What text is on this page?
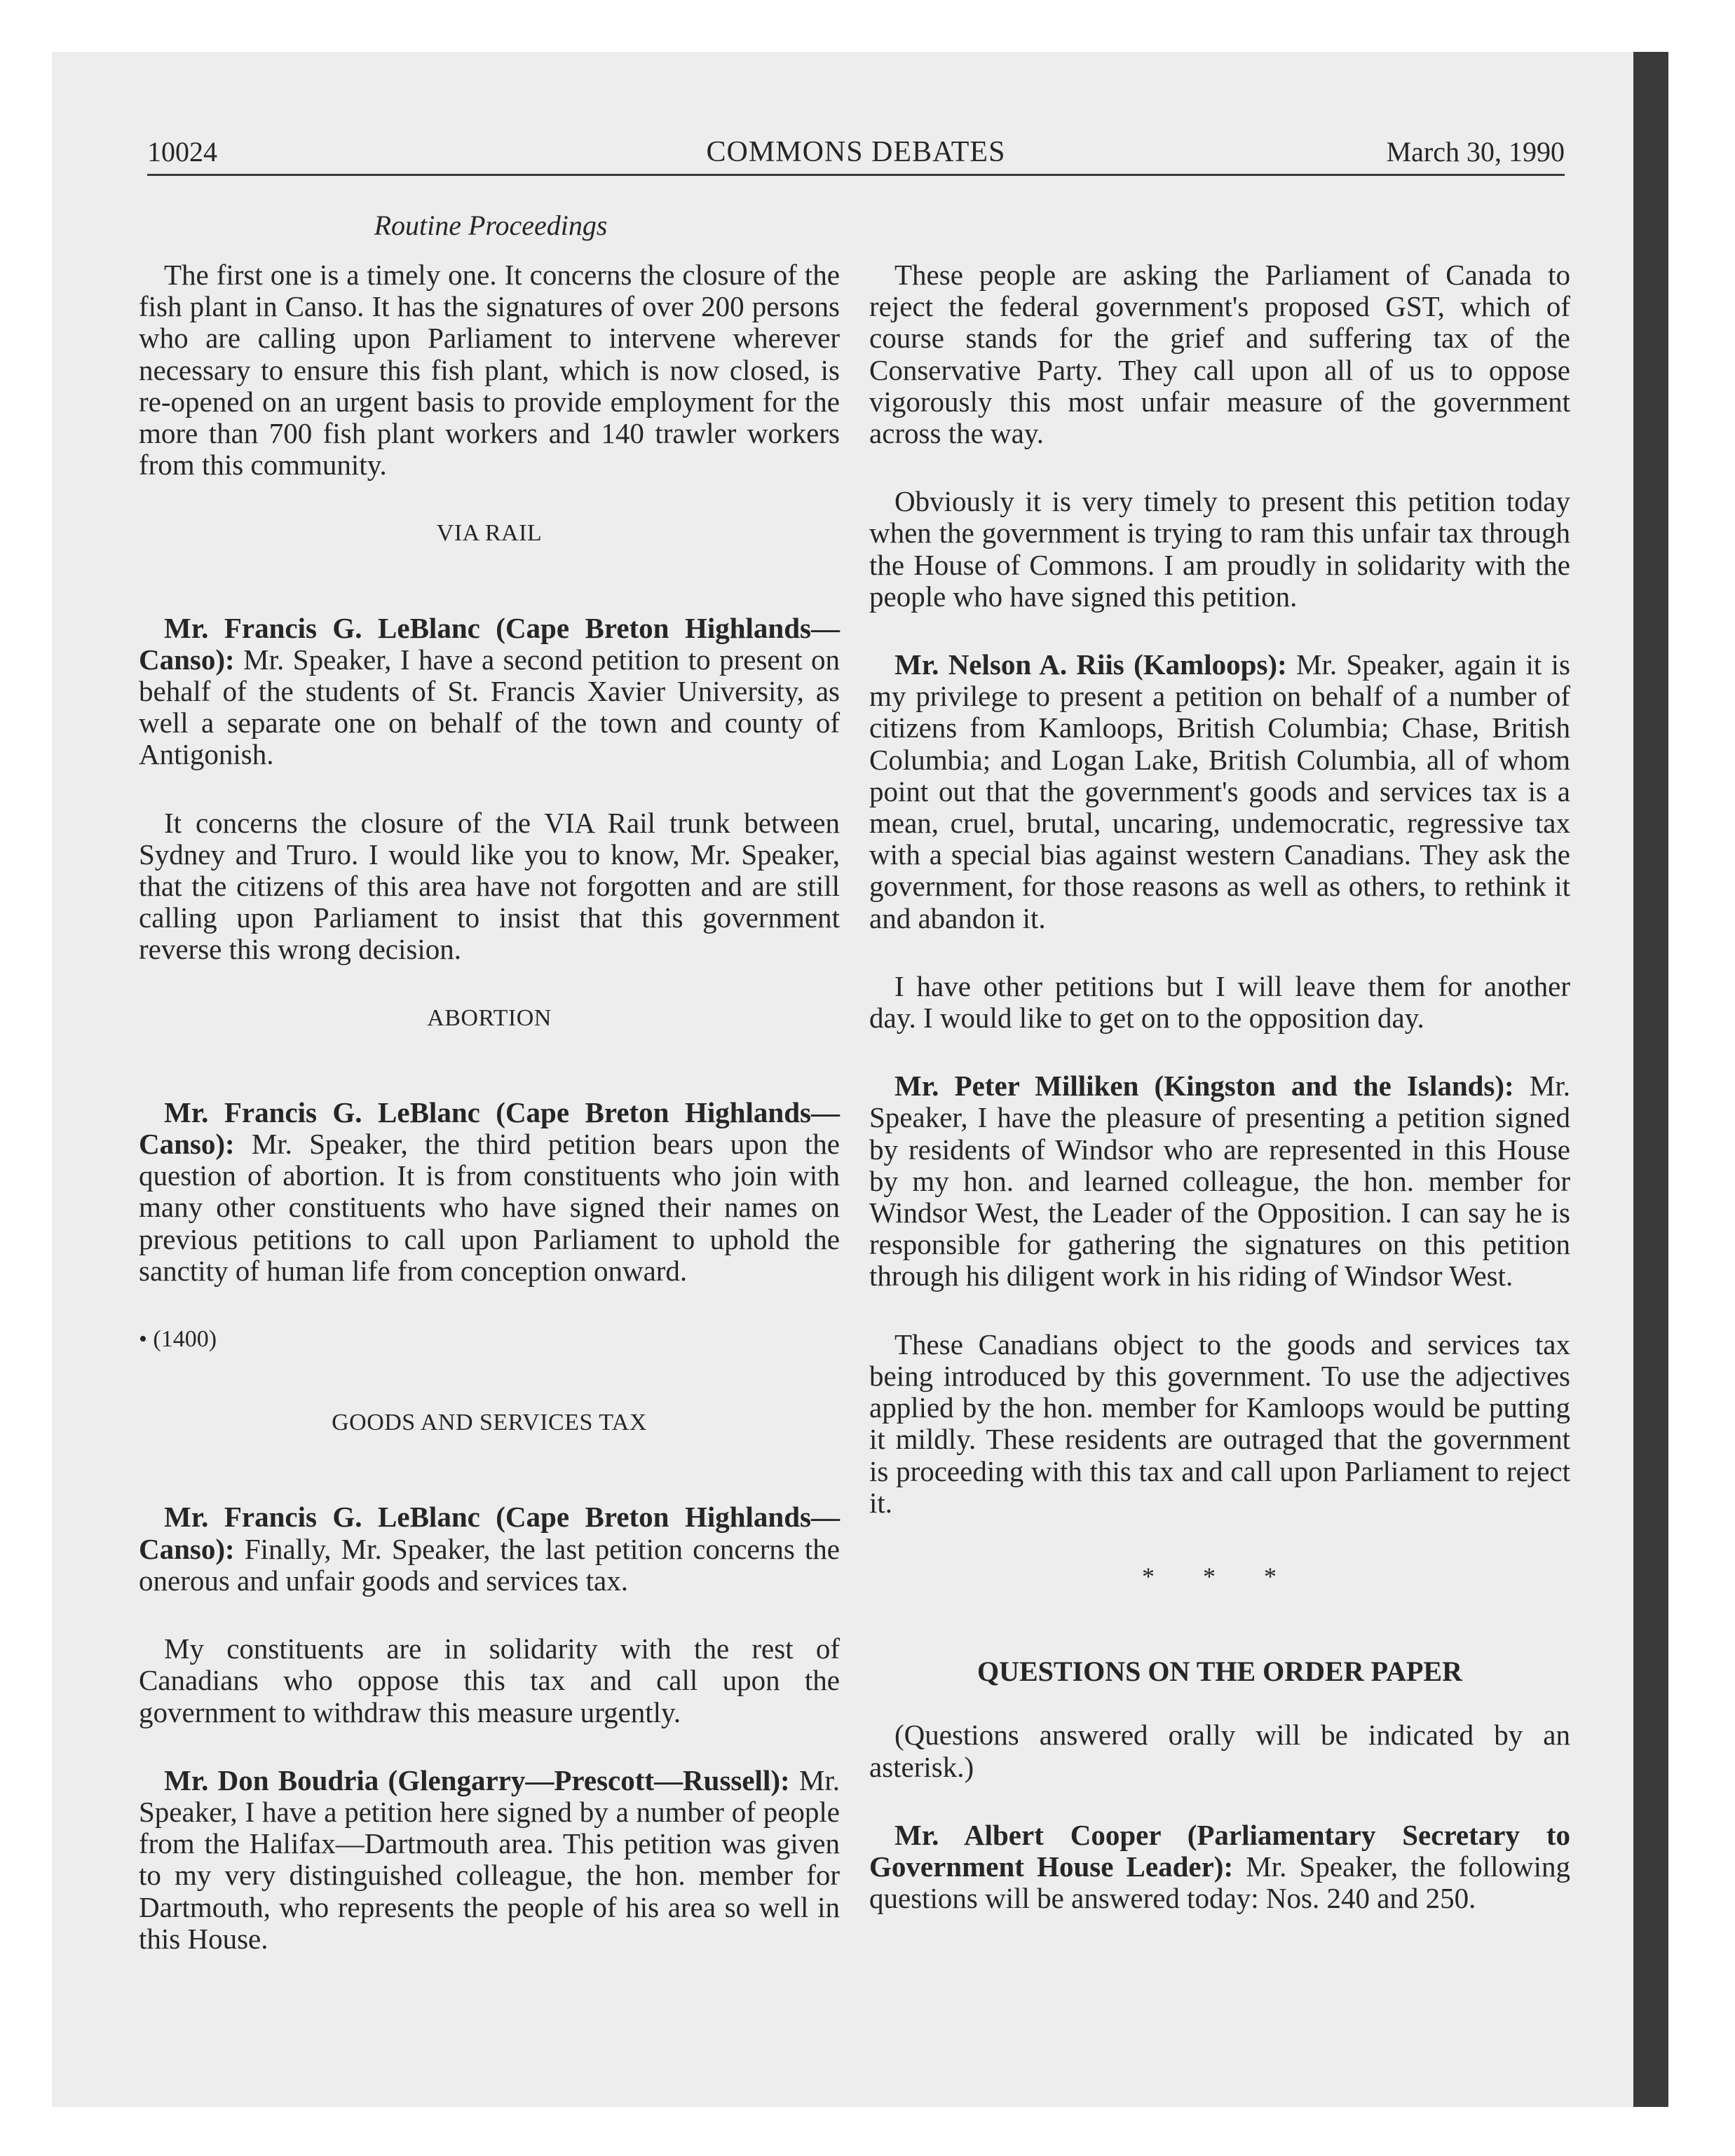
10024	COMMONS DEBATES	March 30, 1990
Routine Proceedings

The first one is a timely one. It concerns the closure of the fish plant in Canso. It has the signatures of over 200 persons who are calling upon Parliament to intervene wherever necessary to ensure this fish plant, which is now closed, is re-opened on an urgent basis to provide employment for the more than 700 fish plant workers and 140 trawler workers from this community.

VIA RAIL

Mr. Francis G. LeBlanc (Cape Breton Highlands—Canso): Mr. Speaker, I have a second petition to present on behalf of the students of St. Francis Xavier University, as well a separate one on behalf of the town and county of Antigonish.

It concerns the closure of the VIA Rail trunk between Sydney and Truro. I would like you to know, Mr. Speaker, that the citizens of this area have not forgotten and are still calling upon Parliament to insist that this government reverse this wrong decision.

ABORTION

Mr. Francis G. LeBlanc (Cape Breton Highlands—Canso): Mr. Speaker, the third petition bears upon the question of abortion. It is from constituents who join with many other constituents who have signed their names on previous petitions to call upon Parliament to uphold the sanctity of human life from conception onward.

• (1400)
GOODS AND SERVICES TAX

Mr. Francis G. LeBlanc (Cape Breton Highlands—Canso): Finally, Mr. Speaker, the last petition concerns the onerous and unfair goods and services tax.

My constituents are in solidarity with the rest of Canadians who oppose this tax and call upon the government to withdraw this measure urgently.

Mr. Don Boudria (Glengarry—Prescott—Russell): Mr. Speaker, I have a petition here signed by a number of people from the Halifax—Dartmouth area. This petition was given to my very distinguished colleague, the hon. member for Dartmouth, who represents the people of his area so well in this House.

These people are asking the Parliament of Canada to reject the federal government's proposed GST, which of course stands for the grief and suffering tax of the Conservative Party. They call upon all of us to oppose vigorously this most unfair measure of the government across the way.

Obviously it is very timely to present this petition today when the government is trying to ram this unfair tax through the House of Commons. I am proudly in solidarity with the people who have signed this petition.

Mr. Nelson A. Riis (Kamloops): Mr. Speaker, again it is my privilege to present a petition on behalf of a number of citizens from Kamloops, British Columbia; Chase, British Columbia; and Logan Lake, British Columbia, all of whom point out that the government's goods and services tax is a mean, cruel, brutal, uncaring, undemocratic, regressive tax with a special bias against western Canadians. They ask the government, for those reasons as well as others, to rethink it and abandon it.

I have other petitions but I will leave them for another day. I would like to get on to the opposition day.

Mr. Peter Milliken (Kingston and the Islands): Mr. Speaker, I have the pleasure of presenting a petition signed by residents of Windsor who are represented in this House by my hon. and learned colleague, the hon. member for Windsor West, the Leader of the Opposition. I can say he is responsible for gathering the signatures on this petition through his diligent work in his riding of Windsor West.

These Canadians object to the goods and services tax being introduced by this government. To use the adjectives applied by the hon. member for Kamloops would be putting it mildly. These residents are outraged that the government is proceeding with this tax and call upon Parliament to reject it.

* * *
QUESTIONS ON THE ORDER PAPER

(Questions answered orally will be indicated by an asterisk.)

Mr. Albert Cooper (Parliamentary Secretary to Government House Leader): Mr. Speaker, the following questions will be answered today: Nos. 240 and 250.
